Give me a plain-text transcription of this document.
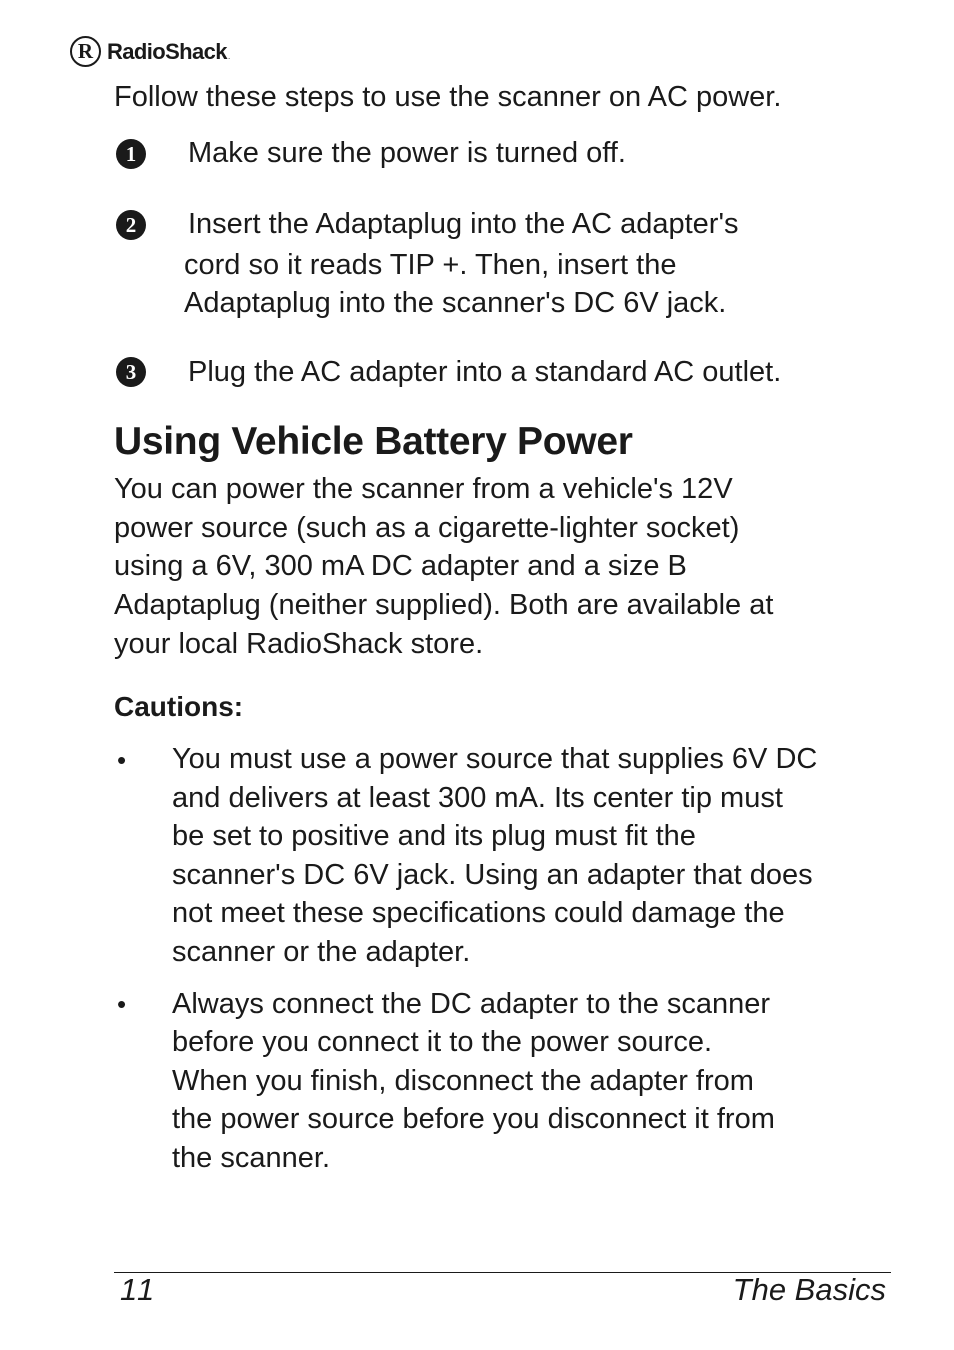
R RadioShack .
Follow these steps to use the scanner on AC power.
1	Make sure the power is turned off.
2	Insert the Adaptaplug into the AC adapter's
cord so it reads TIP +. Then, insert the
Adaptaplug into the scanner's DC 6V jack.
3	Plug the AC adapter into a standard AC outlet.
Using Vehicle Battery Power
You can power the scanner from a vehicle's 12V
power source (such as a cigarette-lighter socket)
using a 6V, 300 mA DC adapter and a size B
Adaptaplug (neither supplied). Both are available at
your local RadioShack store.
Cautions:
• You must use a power source that supplies 6V DC
and delivers at least 300 mA. Its center tip must
be set to positive and its plug must fit the
scanner's DC 6V jack. Using an adapter that does
not meet these specifications could damage the
scanner or the adapter.
• Always connect the DC adapter to the scanner
before you connect it to the power source.
When you finish, disconnect the adapter from
the power source before you disconnect it from
the scanner.
11	The Basics
